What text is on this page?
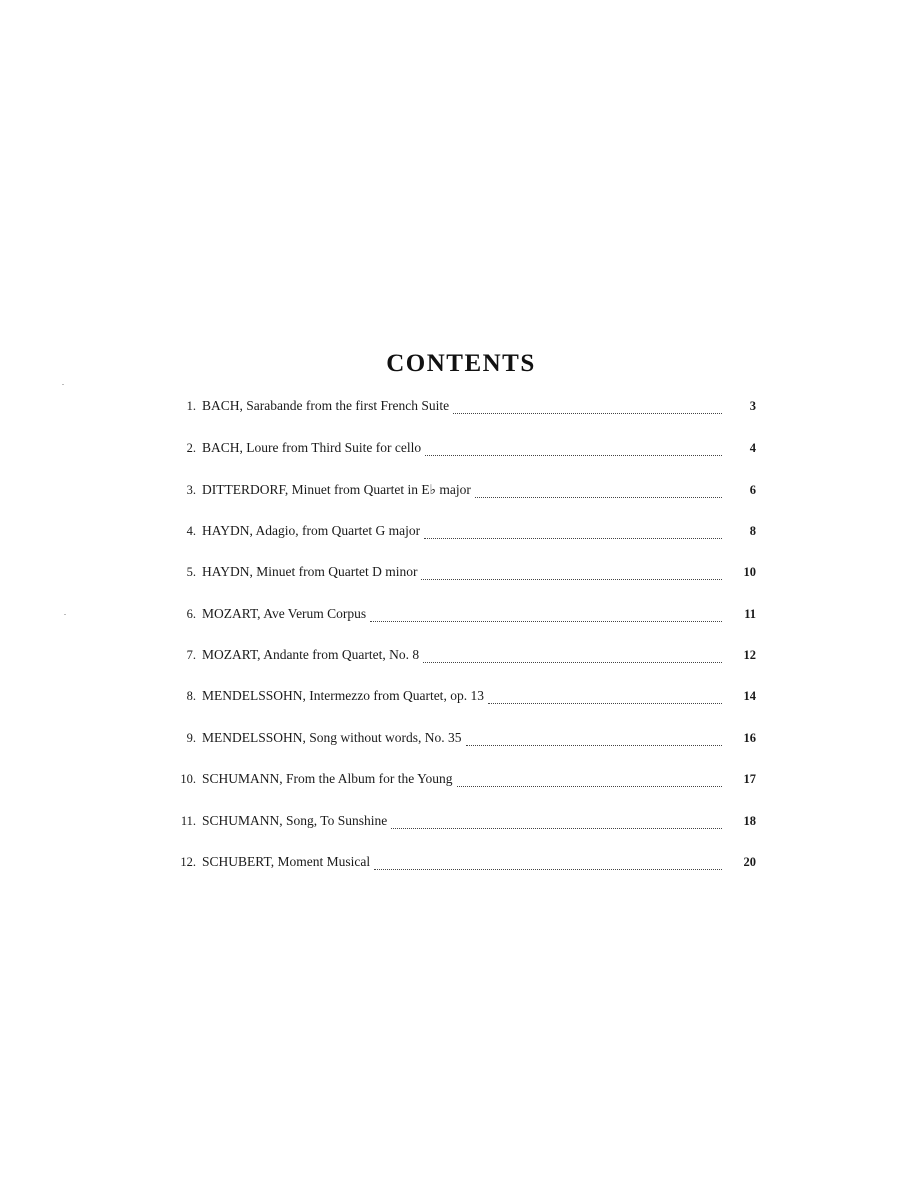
CONTENTS
1. BACH, Sarabande from the first French Suite	3
2. BACH, Loure from Third Suite for cello	4
3. DITTERDORF, Minuet from Quartet in E♭ major	6
4. HAYDN, Adagio, from Quartet G major	8
5. HAYDN, Minuet from Quartet D minor	10
6. MOZART, Ave Verum Corpus	11
7. MOZART, Andante from Quartet, No. 8	12
8. MENDELSSOHN, Intermezzo from Quartet, op. 13	14
9. MENDELSSOHN, Song without words, No. 35	16
10. SCHUMANN, From the Album for the Young	17
11. SCHUMANN, Song, To Sunshine	18
12. SCHUBERT, Moment Musical	20
